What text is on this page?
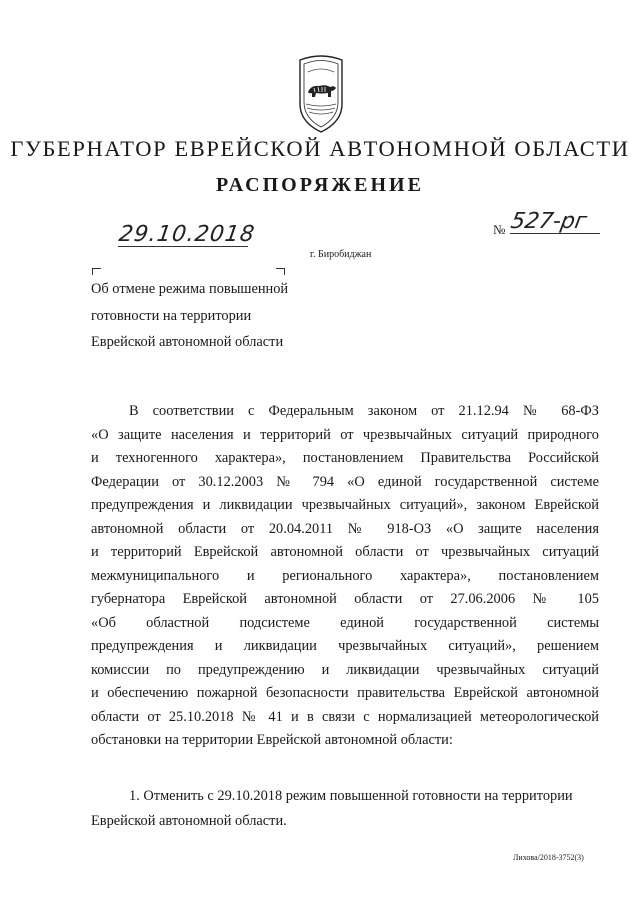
ГУБЕРНАТОР ЕВРЕЙСКОЙ АВТОНОМНОЙ ОБЛАСТИ
РАСПОРЯЖЕНИЕ
29.10.2018	№ 527-рг
г. Биробиджан
Об отмене режима повышенной
готовности на территории
Еврейской автономной области
В соответствии с Федеральным законом от 21.12.94 № 68-ФЗ
«О защите населения и территорий от чрезвычайных ситуаций природного
и техногенного характера», постановлением Правительства Российской
Федерации от 30.12.2003 № 794 «О единой государственной системе
предупреждения и ликвидации чрезвычайных ситуаций», законом Еврейской
автономной области от 20.04.2011 № 918-ОЗ «О защите населения
и территорий Еврейской автономной области от чрезвычайных ситуаций
межмуниципального и регионального характера», постановлением
губернатора Еврейской автономной области от 27.06.2006 № 105
«Об областной подсистеме единой государственной системы
предупреждения и ликвидации чрезвычайных ситуаций», решением
комиссии по предупреждению и ликвидации чрезвычайных ситуаций
и обеспечению пожарной безопасности правительства Еврейской автономной
области от 25.10.2018 № 41 и в связи с нормализацией метеорологической
обстановки на территории Еврейской автономной области:
1. Отменить с 29.10.2018 режим повышенной готовности на территории
Еврейской автономной области.
Лихова/2018-3752(3)
